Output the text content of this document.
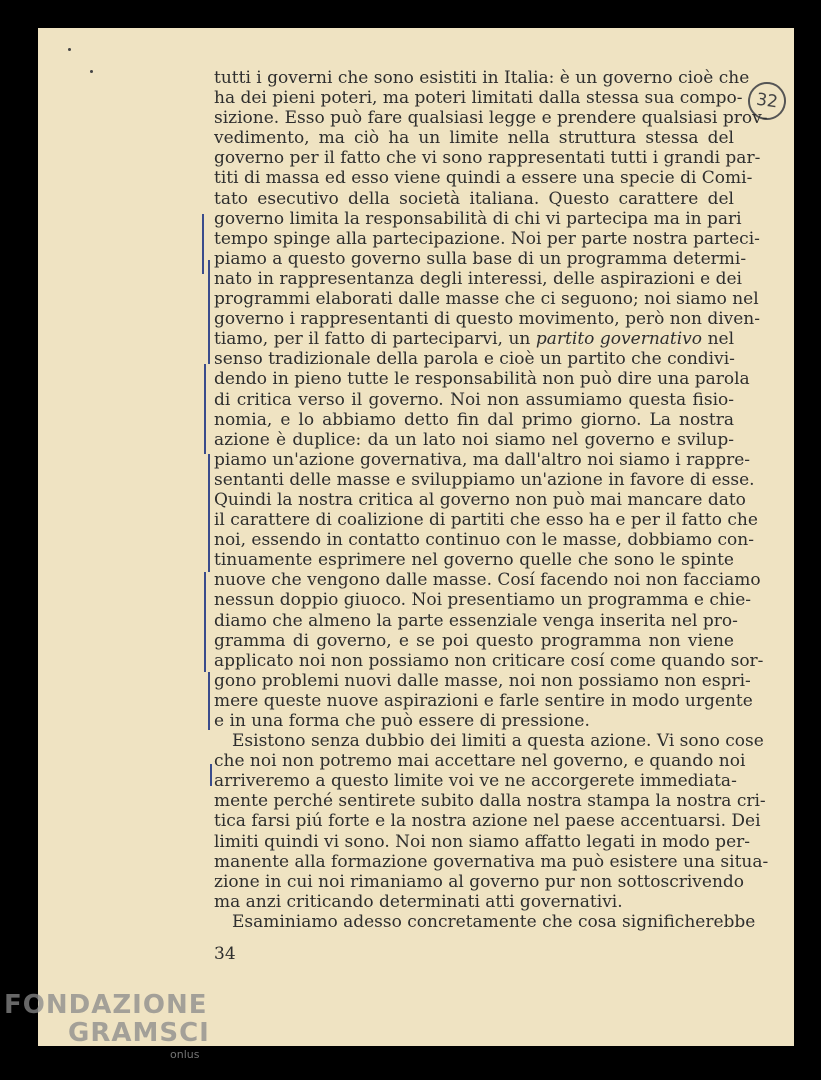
32
tutti i governi che sono esistiti in Italia: è un governo cioè che
ha dei pieni poteri, ma poteri limitati dalla stessa sua compo-
sizione. Esso può fare qualsiasi legge e prendere qualsiasi prov-
vedimento, ma ciò ha un limite nella struttura stessa del
governo per il fatto che vi sono rappresentati tutti i grandi par-
titi di massa ed esso viene quindi a essere una specie di Comi-
tato esecutivo della società italiana. Questo carattere del
governo limita la responsabilità di chi vi partecipa ma in pari
tempo spinge alla partecipazione. Noi per parte nostra parteci-
piamo a questo governo sulla base di un programma determi-
nato in rappresentanza degli interessi, delle aspirazioni e dei
programmi elaborati dalle masse che ci seguono; noi siamo nel
governo i rappresentanti di questo movimento, però non diven-
tiamo, per il fatto di parteciparvi, un partito governativo nel
senso tradizionale della parola e cioè un partito che condivi-
dendo in pieno tutte le responsabilità non può dire una parola
di critica verso il governo. Noi non assumiamo questa fisio-
nomia, e lo abbiamo detto fin dal primo giorno. La nostra
azione è duplice: da un lato noi siamo nel governo e svilup-
piamo un'azione governativa, ma dall'altro noi siamo i rappre-
sentanti delle masse e sviluppiamo un'azione in favore di esse.
Quindi la nostra critica al governo non può mai mancare dato
il carattere di coalizione di partiti che esso ha e per il fatto che
noi, essendo in contatto continuo con le masse, dobbiamo con-
tinuamente esprimere nel governo quelle che sono le spinte
nuove che vengono dalle masse. Cosí facendo noi non facciamo
nessun doppio giuoco. Noi presentiamo un programma e chie-
diamo che almeno la parte essenziale venga inserita nel pro-
gramma di governo, e se poi questo programma non viene
applicato noi non possiamo non criticare cosí come quando sor-
gono problemi nuovi dalle masse, noi non possiamo non espri-
mere queste nuove aspirazioni e farle sentire in modo urgente
e in una forma che può essere di pressione.
Esistono senza dubbio dei limiti a questa azione. Vi sono cose
che noi non potremo mai accettare nel governo, e quando noi
arriveremo a questo limite voi ve ne accorgerete immediata-
mente perché sentirete subito dalla nostra stampa la nostra cri-
tica farsi piú forte e la nostra azione nel paese accentuarsi. Dei
limiti quindi vi sono. Noi non siamo affatto legati in modo per-
manente alla formazione governativa ma può esistere una situa-
zione in cui noi rimaniamo al governo pur non sottoscrivendo
ma anzi criticando determinati atti governativi.
Esaminiamo adesso concretamente che cosa significherebbe
34
FONDAZIONE
GRAMSCI
onlus
